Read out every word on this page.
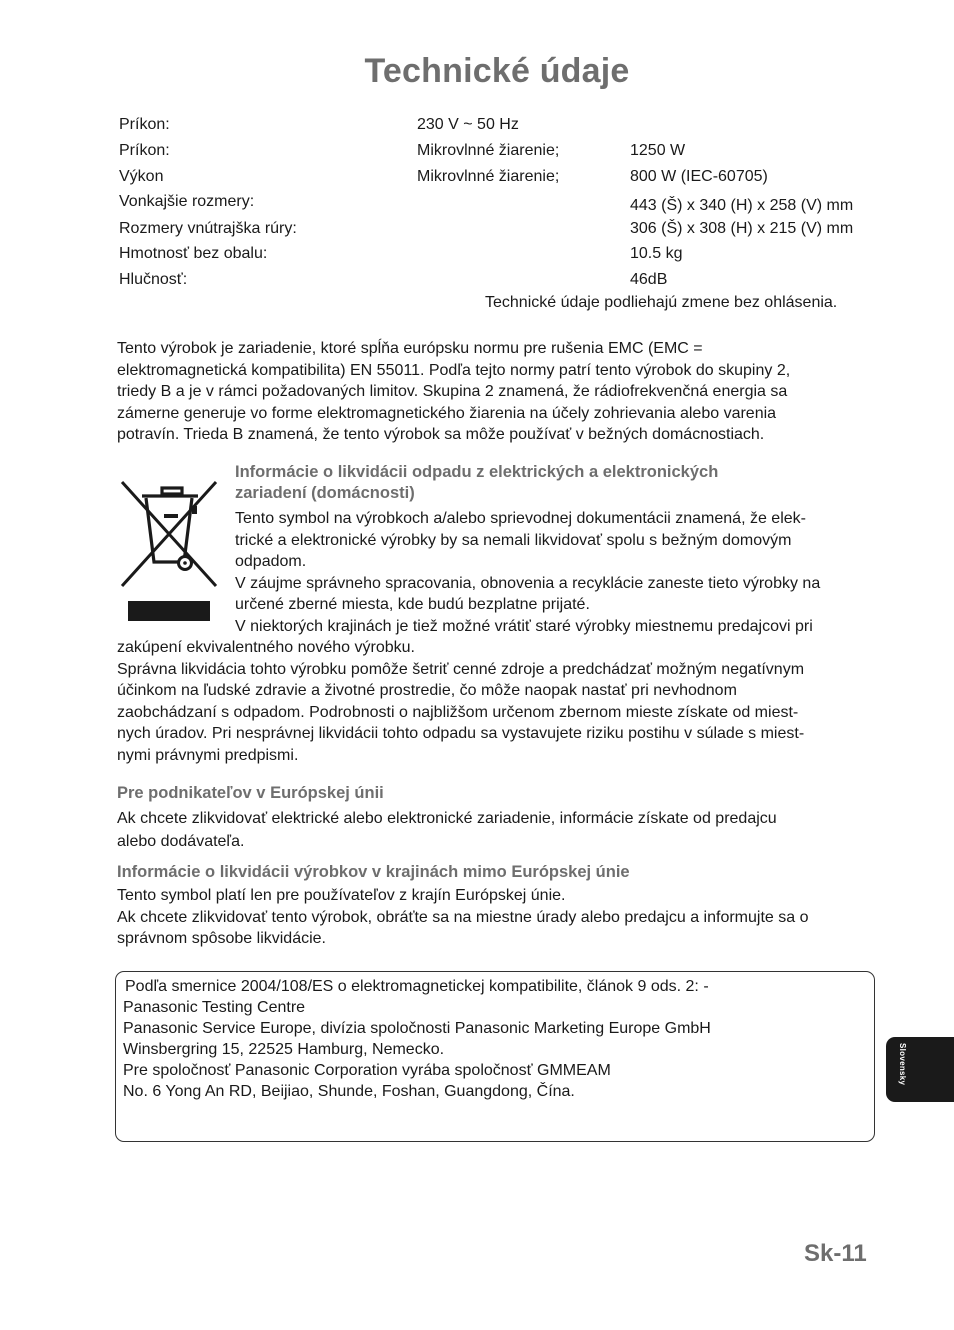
Technické údaje
Príkon:	230 V ~ 50 Hz
Príkon:	Mikrovlnné žiarenie;	1250 W
Výkon	Mikrovlnné žiarenie;	800 W (IEC-60705)
Vonkajšie rozmery:	443 (Š) x 340 (H) x 258 (V) mm
Rozmery vnútrajška rúry:	306 (Š) x 308 (H) x 215 (V) mm
Hmotnosť bez obalu:	10.5 kg
Hlučnosť:	46dB
Technické údaje podliehajú zmene bez ohlásenia.

Tento výrobok je zariadenie, ktoré spĺňa európsku normu pre rušenia EMC (EMC =

elektromagnetická kompatibilita) EN 55011. Podľa tejto normy patrí tento výrobok do skupiny 2,

triedy B a je v rámci požadovaných limitov. Skupina 2 znamená, že rádiofrekvenčná energia sa

zámerne generuje vo forme elektromagnetického žiarenia na účely zohrievania alebo varenia

potravín. Trieda B znamená, že tento výrobok sa môže používať v bežných domácnostiach.

Informácie o likvidácii odpadu z elektrických a elektronických
zariadení (domácnosti)

Tento symbol na výrobkoch a/alebo sprievodnej dokumentácii znamená, že elek-

trické a elektronické výrobky by sa nemali likvidovať spolu s bežným domovým

odpadom.

V záujme správneho spracovania, obnovenia a recyklácie zaneste tieto výrobky na

určené zberné miesta, kde budú bezplatne prijaté.

V niektorých krajinách je tiež možné vrátiť staré výrobky miestnemu predajcovi pri

zakúpení ekvivalentného nového výrobku.

Správna likvidácia tohto výrobku pomôže šetriť cenné zdroje a predchádzať možným negatívnym

účinkom na ľudské zdravie a životné prostredie, čo môže naopak nastať pri nevhodnom

zaobchádzaní s odpadom. Podrobnosti o najbližšom určenom zbernom mieste získate od miest-

nych úradov. Pri nesprávnej likvidácii tohto odpadu sa vystavujete riziku postihu v súlade s miest-

nymi právnymi predpismi.

Pre podnikateľov v Európskej únii

Ak chcete zlikvidovať elektrické alebo elektronické zariadenie, informácie získate od predajcu

alebo dodávateľa.

Informácie o likvidácii výrobkov v krajinách mimo Európskej únie

Tento symbol platí len pre používateľov z krajín Európskej únie.

Ak chcete zlikvidovať tento výrobok, obráťte sa na miestne úrady alebo predajcu a informujte sa o

správnom spôsobe likvidácie.

Podľa smernice 2004/108/ES o elektromagnetickej kompatibilite, článok 9 ods. 2: -
Panasonic Testing Centre
Panasonic Service Europe, divízia spoločnosti Panasonic Marketing Europe GmbH
Winsbergring 15, 22525 Hamburg, Nemecko.
Pre spoločnosť Panasonic Corporation vyrába spoločnosť GMMEAM
No. 6 Yong An RD, Beijiao, Shunde, Foshan, Guangdong, Čína.
Slovensky
Sk-11
